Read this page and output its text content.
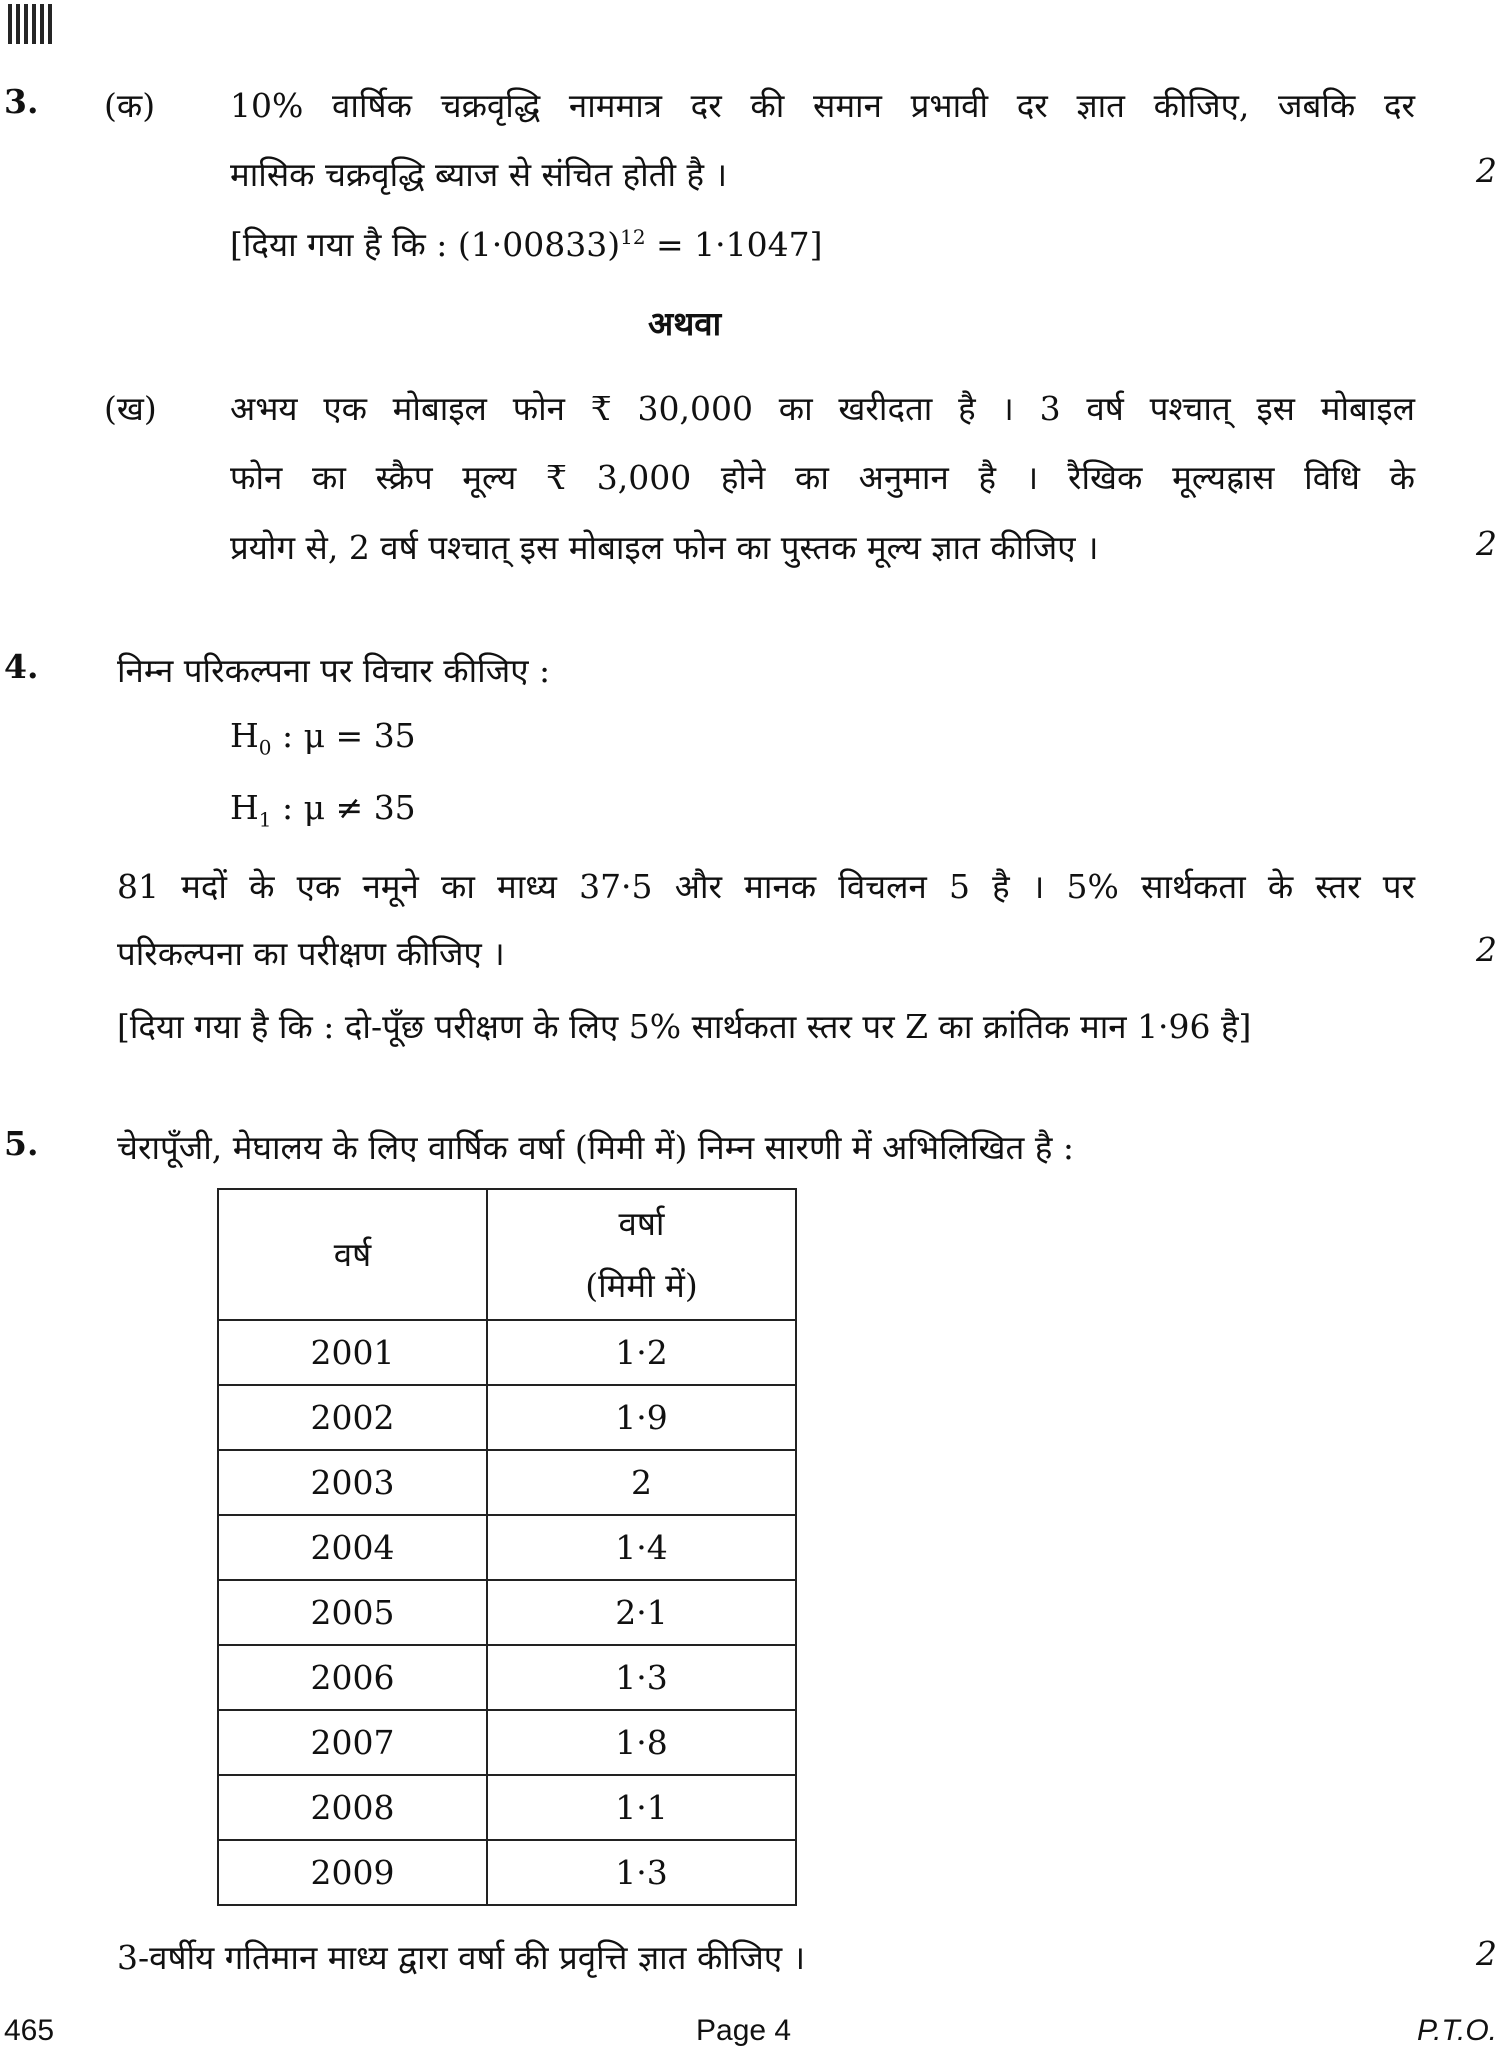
3. (क) 10% वार्षिक चक्रवृद्धि नाममात्र दर की समान प्रभावी दर ज्ञात कीजिए, जबकि दर
मासिक चक्रवृद्धि ब्याज से संचित होती है ।	2
[दिया गया है कि : $(1\cdot 00833)^{12} = 1\cdot 1047$]
अथवा
(ख) अभय एक मोबाइल फोन ₹ 30,000 का खरीदता है । 3 वर्ष पश्चात् इस मोबाइल
फोन का स्क्रैप मूल्य ₹ 3,000 होने का अनुमान है । रैखिक मूल्यह्रास विधि के
प्रयोग से, 2 वर्ष पश्चात् इस मोबाइल फोन का पुस्तक मूल्य ज्ञात कीजिए ।	2
4. निम्न परिकल्पना पर विचार कीजिए :
$H_0$ : μ = 35
$H_1$ : μ ≠ 35
81 मदों के एक नमूने का माध्य 37·5 और मानक विचलन 5 है । 5% सार्थकता के स्तर पर
परिकल्पना का परीक्षण कीजिए ।	2
[दिया गया है कि : दो-पूँछ परीक्षण के लिए 5% सार्थकता स्तर पर Z का क्रांतिक मान 1·96 है]
5. चेरापूँजी, मेघालय के लिए वार्षिक वर्षा (मिमी में) निम्न सारणी में अभिलिखित है :
वर्ष	वर्षा
(मिमी में)
2001	1·2
2002	1·9
2003	2
2004	1·4
2005	2·1
2006	1·3
2007	1·8
2008	1·1
2009	1·3
3-वर्षीय गतिमान माध्य द्वारा वर्षा की प्रवृत्ति ज्ञात कीजिए ।	2
465	Page 4	P.T.O.
